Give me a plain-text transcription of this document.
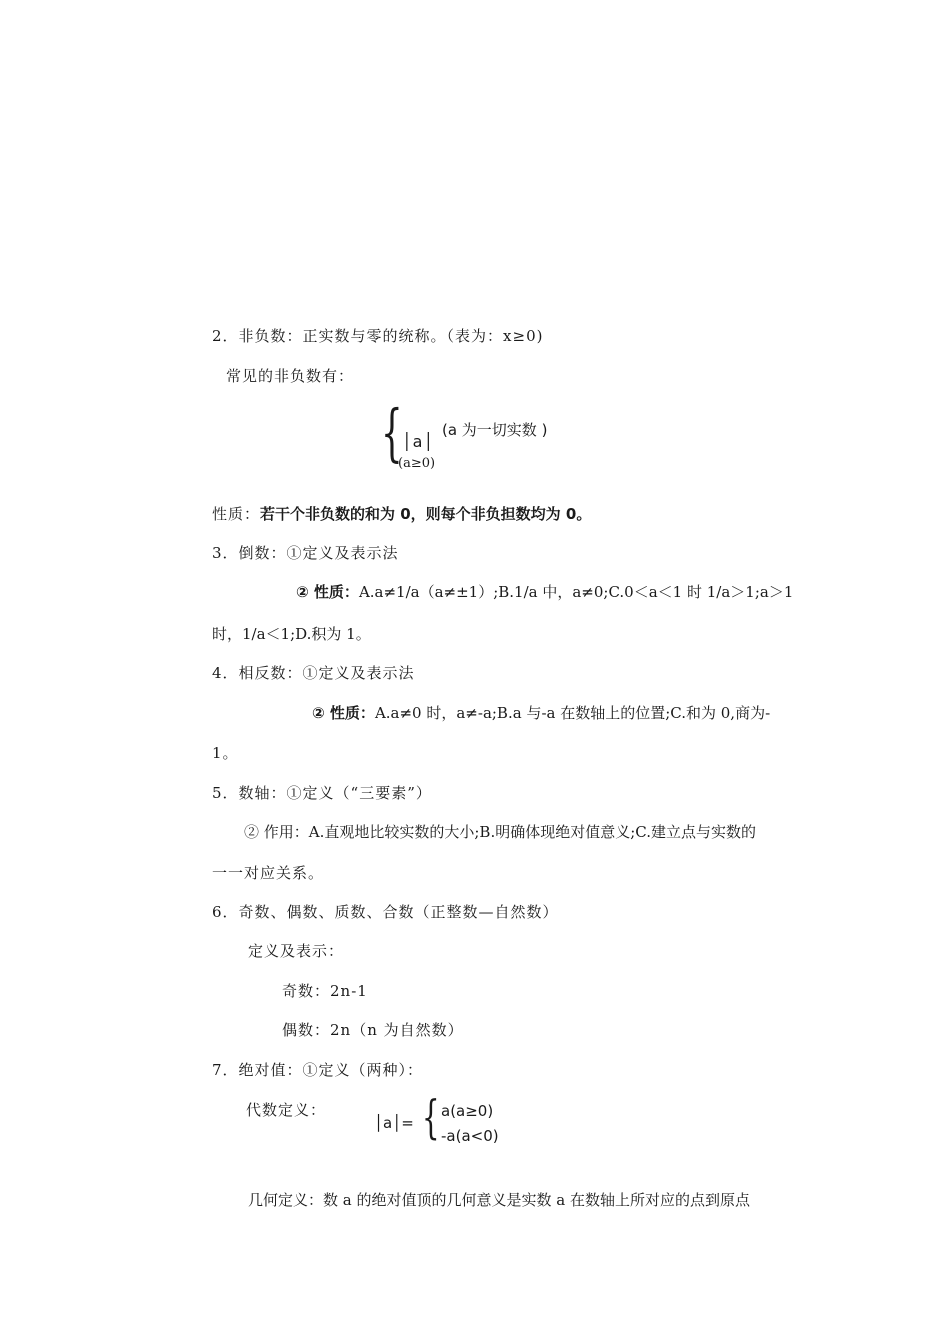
2．非负数：正实数与零的统称。（表为：x≥0)
常见的非负数有：
{ │a│
(a 为一切实数 )
(a≥0)
性质：若干个非负数的和为 0，则每个非负担数均为 0。
3．倒数：①定义及表示法
② 性质：A.a≠1/a（a≠±1）;B.1/a 中，a≠0;C.0＜a＜1 时 1/a＞1;a＞1
时，1/a＜1;D.积为 1。
4．相反数：①定义及表示法
② 性质：A.a≠0 时，a≠-a;B.a 与-a 在数轴上的位置;C.和为 0,商为-
1。
5．数轴：①定义（“三要素”）
② 作用：A.直观地比较实数的大小;B.明确体现绝对值意义;C.建立点与实数的
一一对应关系。
6．奇数、偶数、质数、合数（正整数—自然数）
定义及表示：
奇数：2n-1
偶数：2n（n 为自然数）
7．绝对值：①定义（两种）：
代数定义：
│a│= { a(a≥0)
-a(a<0)
几何定义：数 a 的绝对值顶的几何意义是实数 a 在数轴上所对应的点到原点
